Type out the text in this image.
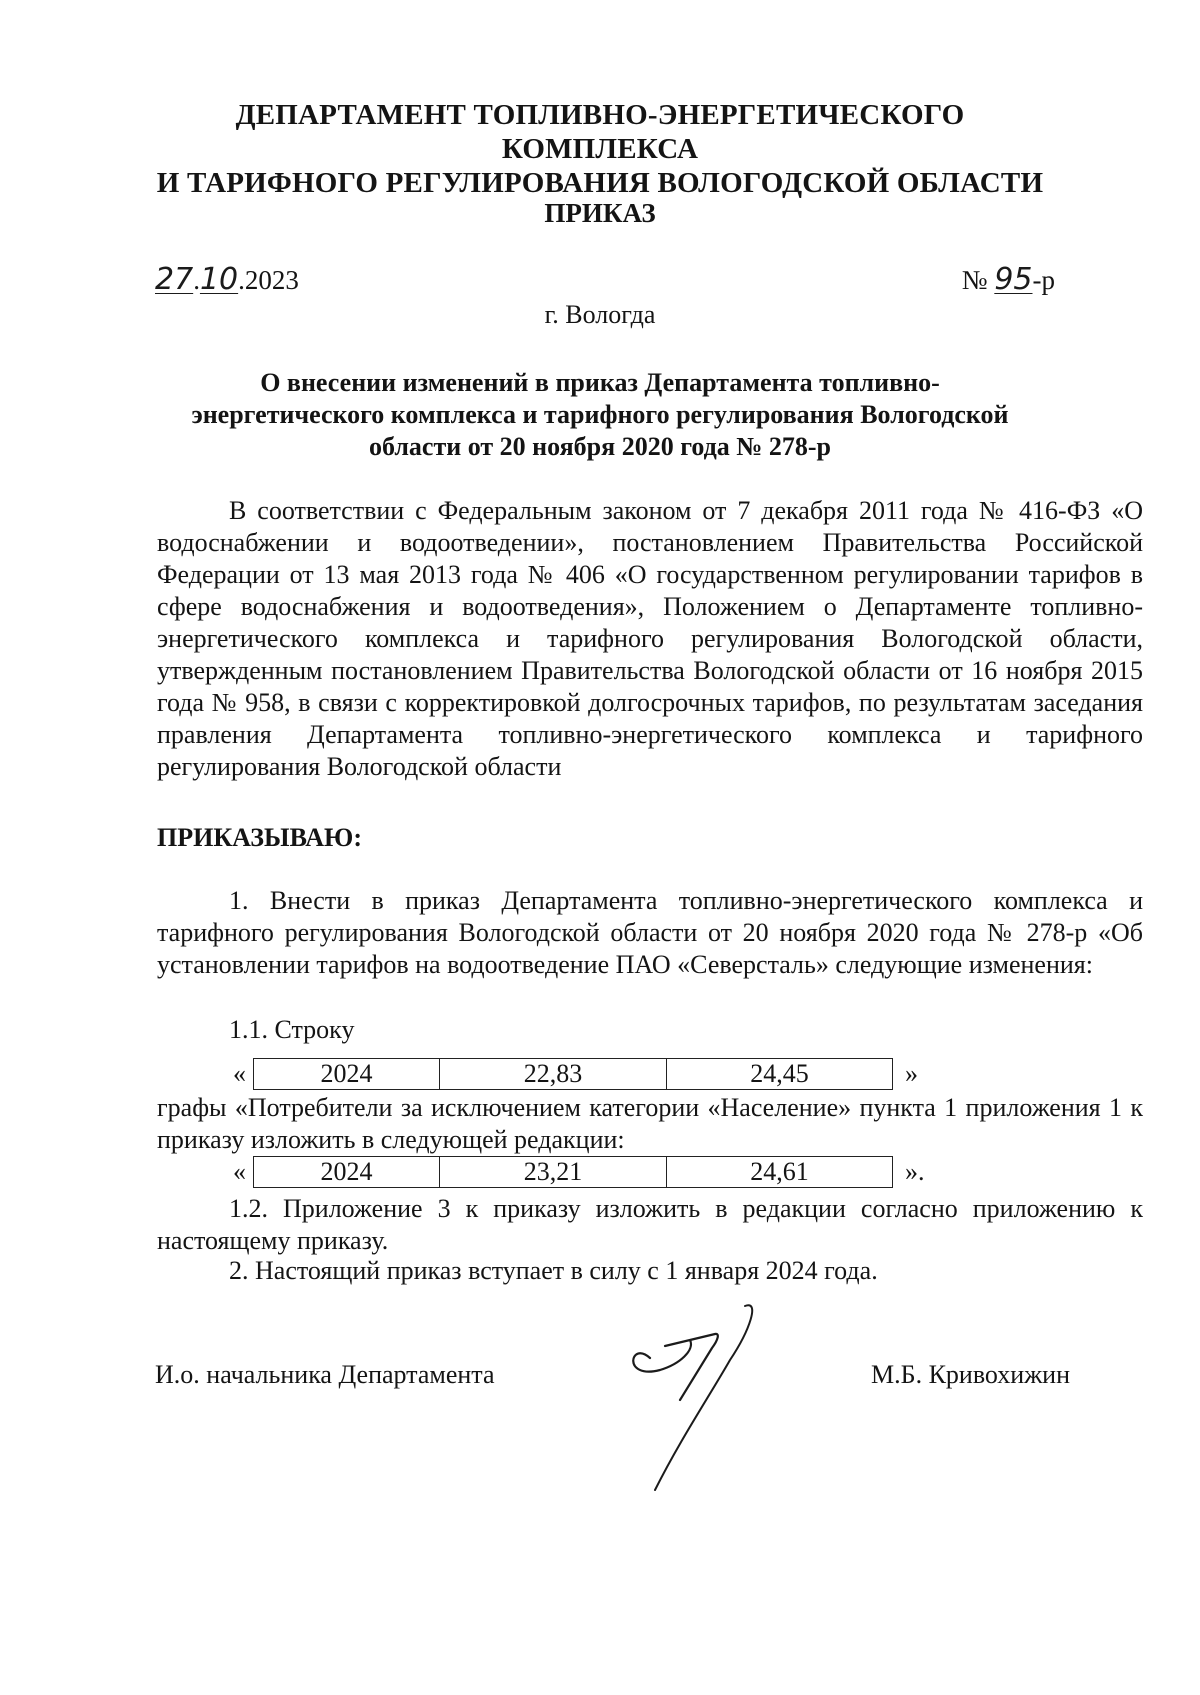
ДЕПАРТАМЕНТ ТОПЛИВНО-ЭНЕРГЕТИЧЕСКОГО КОМПЛЕКСА
И ТАРИФНОГО РЕГУЛИРОВАНИЯ ВОЛОГОДСКОЙ ОБЛАСТИ
ПРИКАЗ
27.10.2023	№ 95-р
г. Вологда
О внесении изменений в приказ Департамента топливно-
энергетического комплекса и тарифного регулирования Вологодской
области от 20 ноября 2020 года № 278-р
В соответствии с Федеральным законом от 7 декабря 2011 года № 416-ФЗ «О водоснабжении и водоотведении», постановлением Правительства Российской Федерации от 13 мая 2013 года № 406 «О государственном регулировании тарифов в сфере водоснабжения и водоотведения», Положением о Департаменте топливно-энергетического комплекса и тарифного регулирования Вологодской области, утвержденным постановлением Правительства Вологодской области от 16 ноября 2015 года № 958, в связи с корректировкой долгосрочных тарифов, по результатам заседания правления Департамента топливно-энергетического комплекса и тарифного регулирования Вологодской области
ПРИКАЗЫВАЮ:
1. Внести в приказ Департамента топливно-энергетического комплекса и тарифного регулирования Вологодской области от 20 ноября 2020 года № 278-р «Об установлении тарифов на водоотведение ПАО «Северсталь» следующие изменения:
1.1. Строку
«	2024	22,83	24,45	»
графы «Потребители за исключением категории «Население» пункта 1 приложения 1 к приказу изложить в следующей редакции:
«	2024	23,21	24,61	».
1.2. Приложение 3 к приказу изложить в редакции согласно приложению к настоящему приказу.
2. Настоящий приказ вступает в силу с 1 января 2024 года.
И.о. начальника Департамента	М.Б. Кривохижин
